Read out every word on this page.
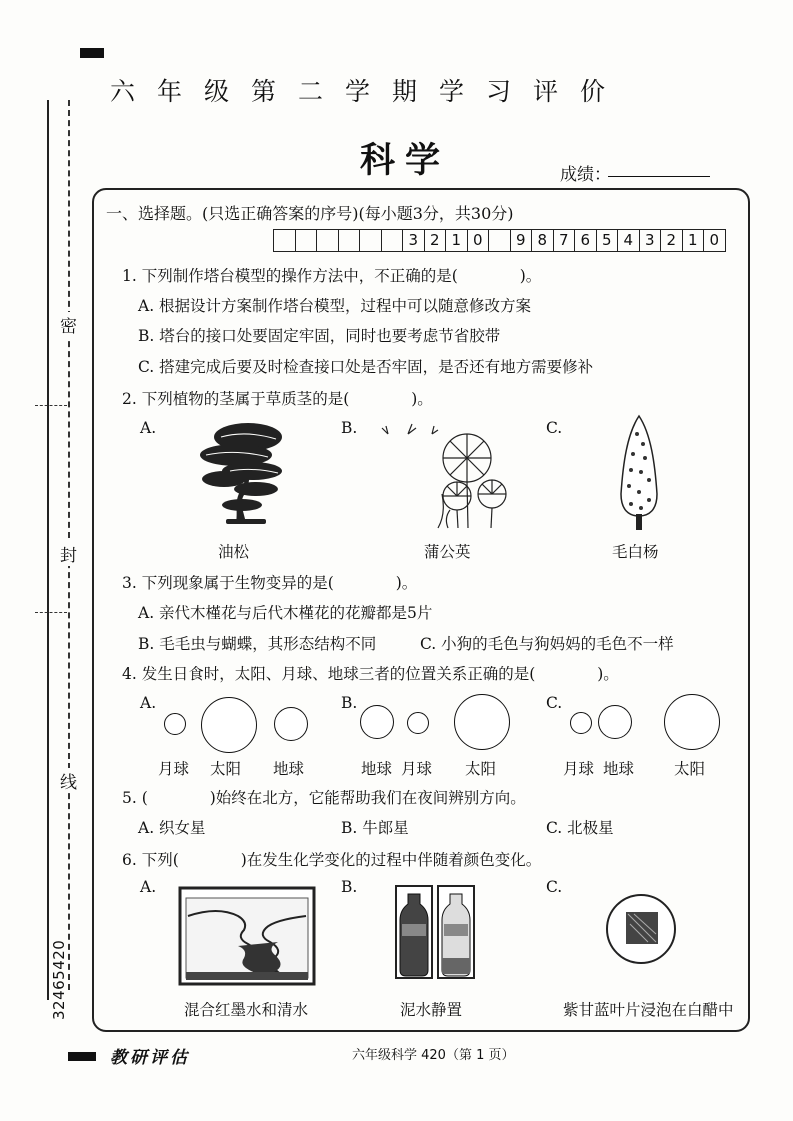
密
封
线
32465420
六年级第二学期学习评价
科学	成绩：
一、选择题。(只选正确答案的序号)(每小题3分，共30分)
3 2 1 0	9 8 7 6 5 4 3 2 1 0
1. 下列制作塔台模型的操作方法中，不正确的是(　　　　)。
A. 根据设计方案制作塔台模型，过程中可以随意修改方案
B. 塔台的接口处要固定牢固，同时也要考虑节省胶带
C. 搭建完成后要及时检查接口处是否牢固，是否还有地方需要修补
2. 下列植物的茎属于草质茎的是(　　　　)。
A.	B.	C.
油松	蒲公英	毛白杨
3. 下列现象属于生物变异的是(　　　　)。
A. 亲代木槿花与后代木槿花的花瓣都是5片
B. 毛毛虫与蝴蝶，其形态结构不同	C. 小狗的毛色与狗妈妈的毛色不一样
4. 发生日食时，太阳、月球、地球三者的位置关系正确的是(　　　　)。
A.	B.	C.
月球 太阳 地球	地球 月球 太阳	月球 地球	太阳
5. (　　　　)始终在北方，它能帮助我们在夜间辨别方向。
A. 织女星	B. 牛郎星	C. 北极星
6. 下列(　　　　)在发生化学变化的过程中伴随着颜色变化。
A.	B.	C.
混合红墨水和清水	泥水静置	紫甘蓝叶片浸泡在白醋中
教研评估	六年级科学 420（第 1 页）
